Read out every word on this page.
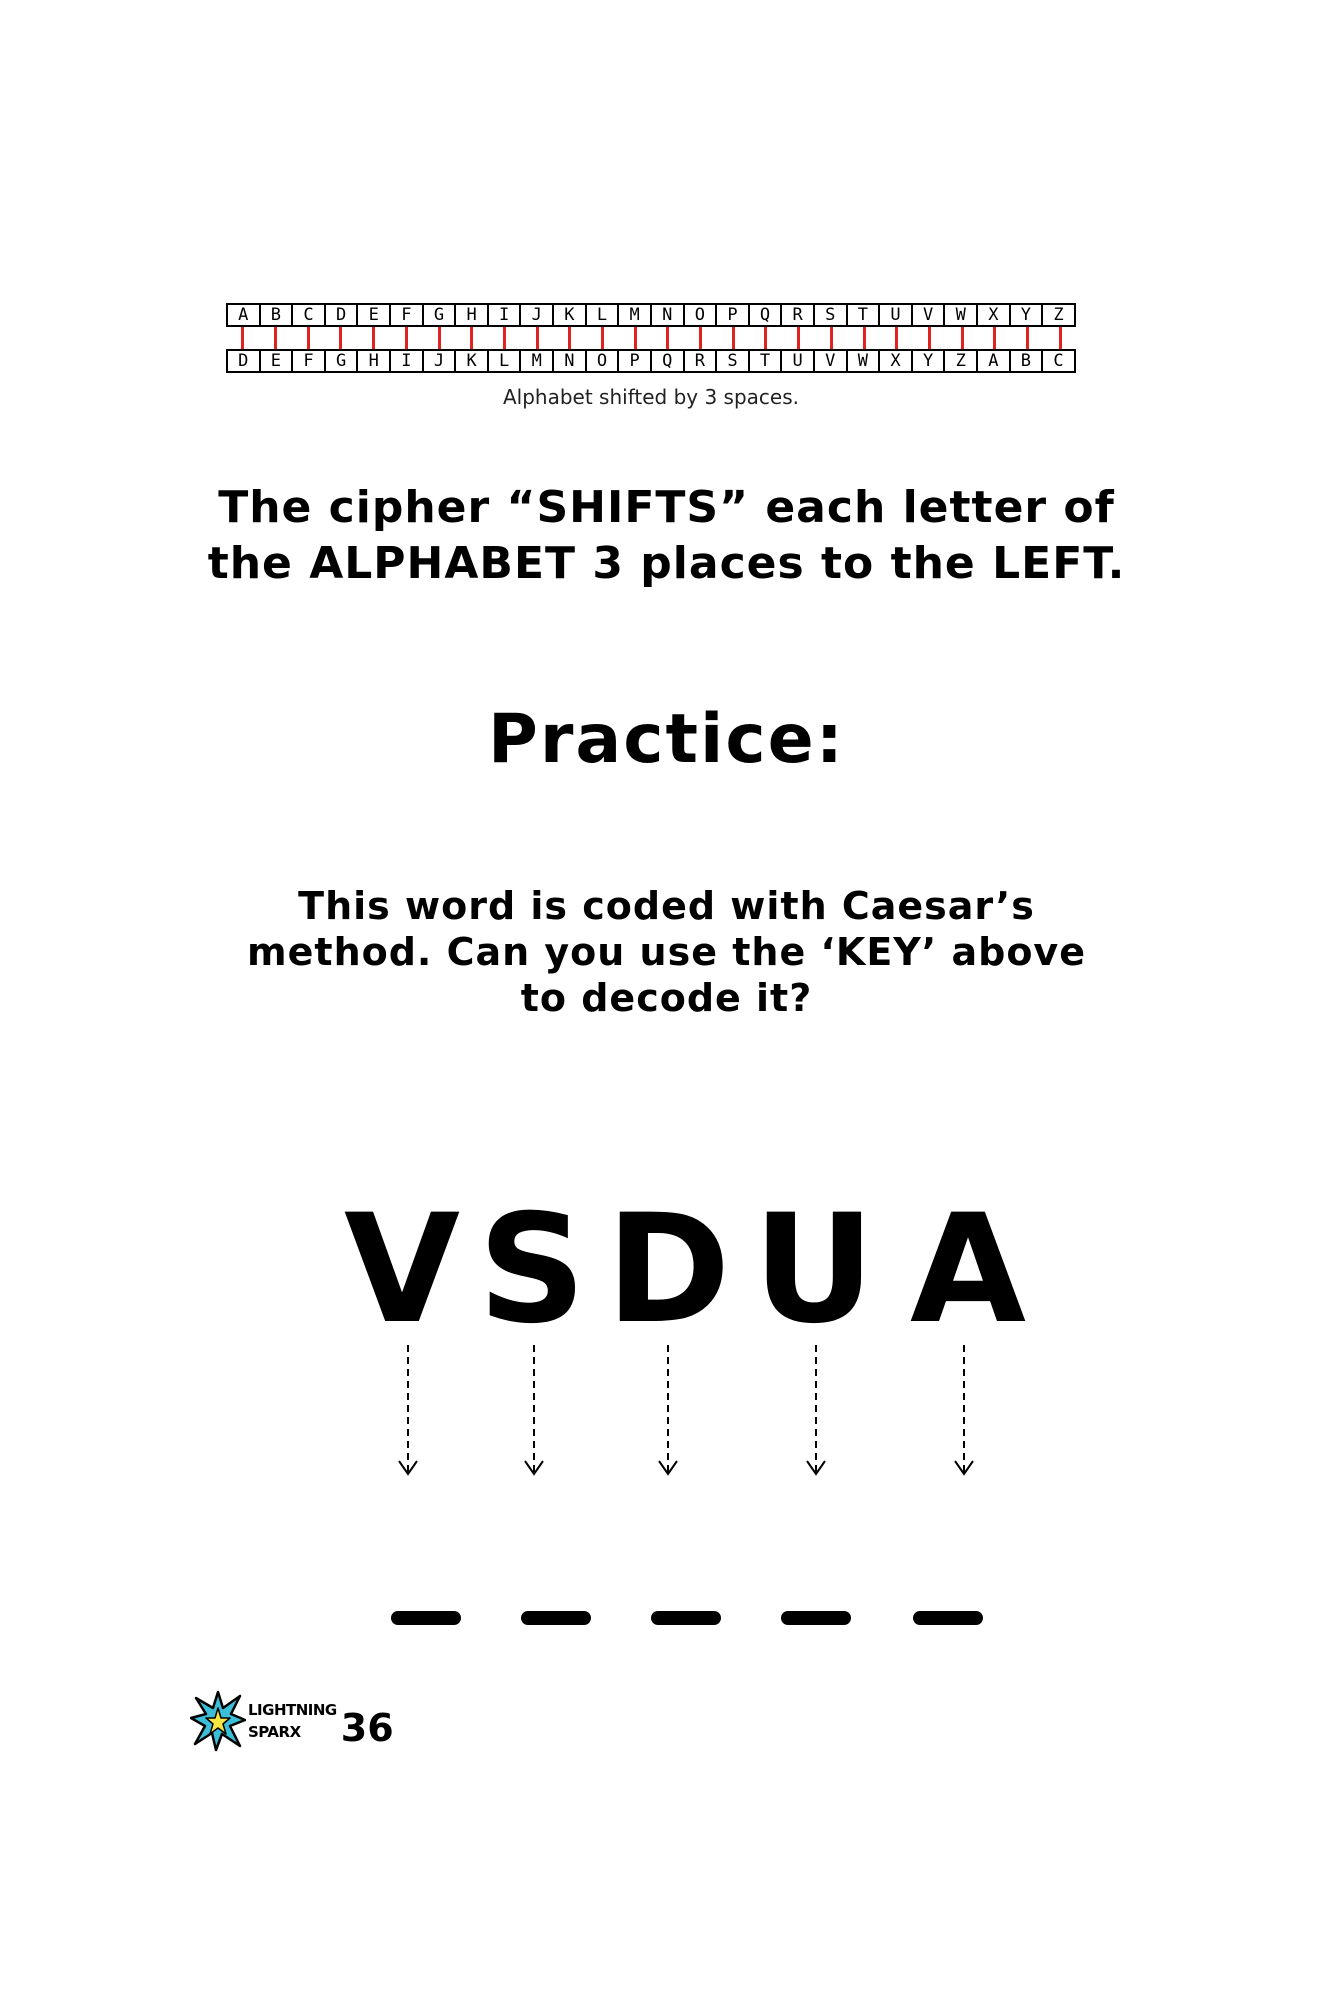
A	B	C	D	E	F	G	H	I	J	K	L	M	N	O	P	Q	R	S	T	U	V	W	X	Y	Z
D	E	F	G	H	I	J	K	L	M	N	O	P	Q	R	S	T	U	V	W	X	Y	Z	A	B	C
Alphabet shifted by 3 spaces.
The cipher “SHIFTS” each letter of
the ALPHABET 3 places to the LEFT.
Practice:
This word is coded with Caesar’s
method. Can you use the ‘KEY’ above
to decode it?
V S D U A
LIGHTNING
SPARX	36
